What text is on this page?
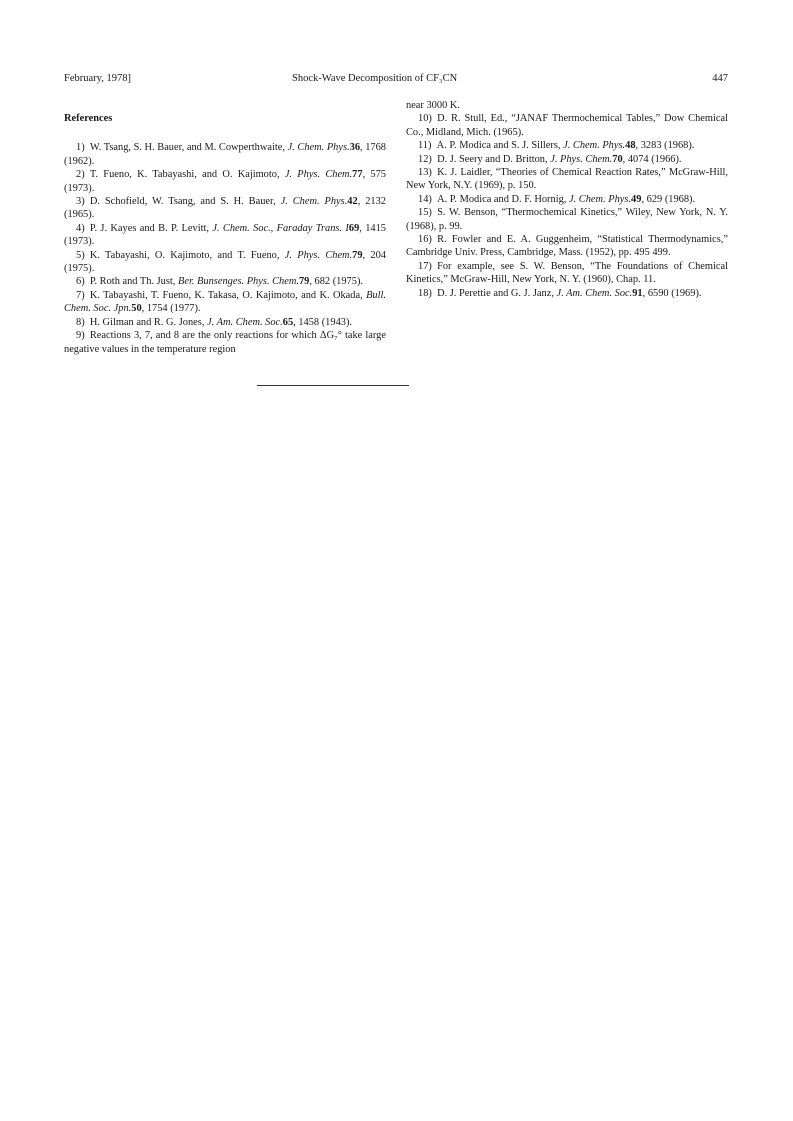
February, 1978]	Shock-Wave Decomposition of CF₃CN	447
References

1)  W. Tsang, S. H. Bauer, and M. Cowperthwaite, J. Chem. Phys.36, 1768 (1962).

2)  T. Fueno, K. Tabayashi, and O. Kajimoto, J. Phys. Chem.77, 575 (1973).

3)  D. Schofield, W. Tsang, and S. H. Bauer, J. Chem. Phys.42, 2132 (1965).

4)  P. J. Kayes and B. P. Levitt, J. Chem. Soc., Faraday Trans. I69, 1415 (1973).

5)  K. Tabayashi, O. Kajimoto, and T. Fueno, J. Phys. Chem.79, 204 (1975).

6)  P. Roth and Th. Just, Ber. Bunsenges. Phys. Chem.79, 682 (1975).

7)  K. Tabayashi, T. Fueno, K. Takasa, O. Kajimoto, and K. Okada, Bull. Chem. Soc. Jpn.50, 1754 (1977).

8)  H. Gilman and R. G. Jones, J. Am. Chem. Soc.65, 1458 (1943).

9)  Reactions 3, 7, and 8 are the only reactions for which ΔG₇° take large negative values in the temperature region

near 3000 K.

10)  D. R. Stull, Ed., “JANAF Thermochemical Tables,” Dow Chemical Co., Midland, Mich. (1965).

11)  A. P. Modica and S. J. Sillers, J. Chem. Phys.48, 3283 (1968).

12)  D. J. Seery and D. Britton, J. Phys. Chem.70, 4074 (1966).

13)  K. J. Laidler, “Theories of Chemical Reaction Rates,” McGraw-Hill, New York, N.Y. (1969), p. 150.

14)  A. P. Modica and D. F. Hornig, J. Chem. Phys.49, 629 (1968).

15)  S. W. Benson, “Thermochemical Kinetics,” Wiley, New York, N. Y. (1968), p. 99.

16)  R. Fowler and E. A. Guggenheim, “Statistical Thermodynamics,” Cambridge Univ. Press, Cambridge, Mass. (1952), pp. 495 499.

17)  For example, see S. W. Benson, “The Foundations of Chemical Kinetics,” McGraw-Hill, New York, N. Y. (1960), Chap. 11.

18)  D. J. Perettie and G. J. Janz, J. Am. Chem. Soc.91, 6590 (1969).
